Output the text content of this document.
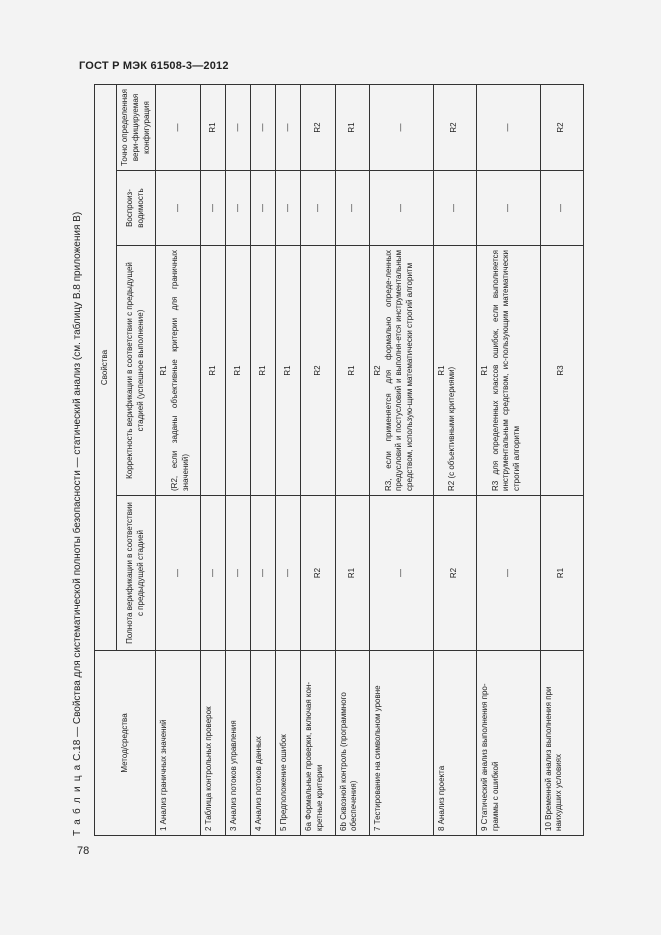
ГОСТ Р МЭК 61508-3—2012
Т а б л и ц а С.18 — Свойства для систематической полноты безопасности — статический анализ (см. таблицу В.8 приложения В)	Метод/средства	Свойства			
	Полнота верификации в соответствии с предыдущей стадией	Корректность верификации в соответствии с предыдущей стадией (успешное выполнение)	Воспроиз-водимость	Точно определенная вери-фицируемая конфигурация
1 Анализ граничных значений	—	R1 (R2, если заданы объективные критерии для граничных значений)	—	—
2 Таблица контрольных проверок	—	R1	—	R1
3 Анализ потоков управления	—	R1	—	—
4 Анализ потоков данных	—	R1	—	—
5 Предположение ошибок	—	R1	—	—
6а Формальные проверки, включая кон-кретные критерии	R2	R2	—	R2
6b Сквозной контроль (программного обеспечения)	R1	R1	—	R1
7 Тестирование на символьном уровне	—	R2 R3, если применяется для формально опреде-ленных предусловий и постусловий и выполня-ется инструментальным средством, использую-щим математически строгий алгоритм	—	—
8 Анализ проекта	R2	R1 R2 (с объективными критериями)	—	R2
9 Статический анализ выполнения про-граммы с ошибкой	—	R1 R3 для определенных классов ошибок, если выполняется инструментальным средством, ис-пользующим математически строгий алгоритм	—	—
10 Временной анализ выполнения при наихудших условиях	R1	R3	—	R2
78
